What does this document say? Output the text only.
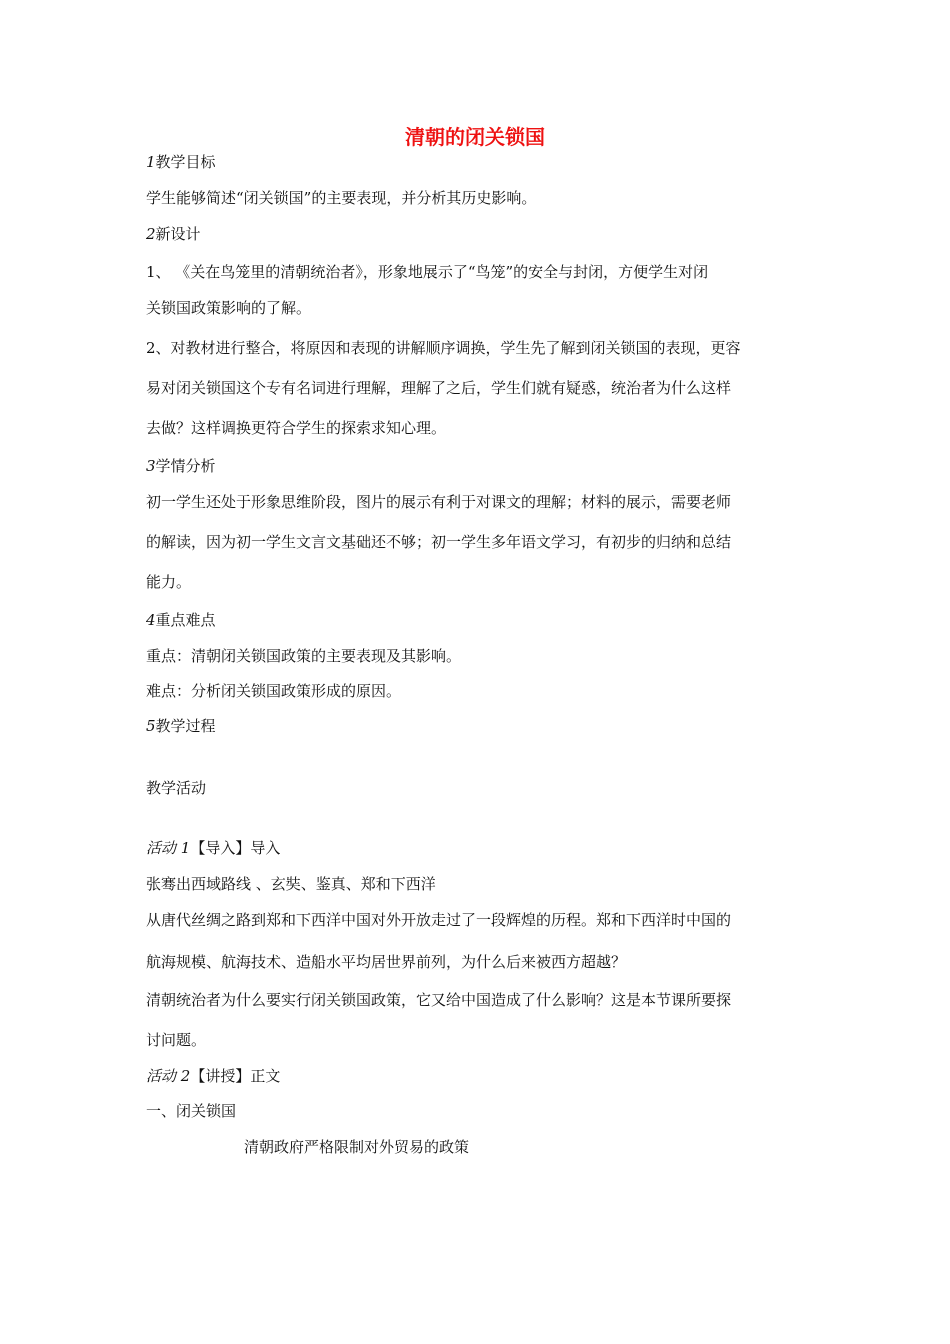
清朝的闭关锁国
1教学目标
学生能够简述“闭关锁国”的主要表现，并分析其历史影响。
2新设计
1、 《关在鸟笼里的清朝统治者》，形象地展示了“鸟笼”的安全与封闭，方便学生对闭
关锁国政策影响的了解。
2、对教材进行整合，将原因和表现的讲解顺序调换，学生先了解到闭关锁国的表现，更容
易对闭关锁国这个专有名词进行理解，理解了之后，学生们就有疑惑，统治者为什么这样
去做？这样调换更符合学生的探索求知心理。
3学情分析
初一学生还处于形象思维阶段，图片的展示有利于对课文的理解；材料的展示，需要老师
的解读，因为初一学生文言文基础还不够；初一学生多年语文学习，有初步的归纳和总结
能力。
4重点难点
重点：清朝闭关锁国政策的主要表现及其影响。
难点：分析闭关锁国政策形成的原因。
5教学过程
教学活动
活动 1【导入】导入
张骞出西域路线 、玄奘、鉴真、郑和下西洋
从唐代丝绸之路到郑和下西洋中国对外开放走过了一段辉煌的历程。郑和下西洋时中国的
航海规模、航海技术、造船水平均居世界前列，为什么后来被西方超越？
清朝统治者为什么要实行闭关锁国政策，它又给中国造成了什么影响？这是本节课所要探
讨问题。
活动 2【讲授】正文
一、闭关锁国
清朝政府严格限制对外贸易的政策
